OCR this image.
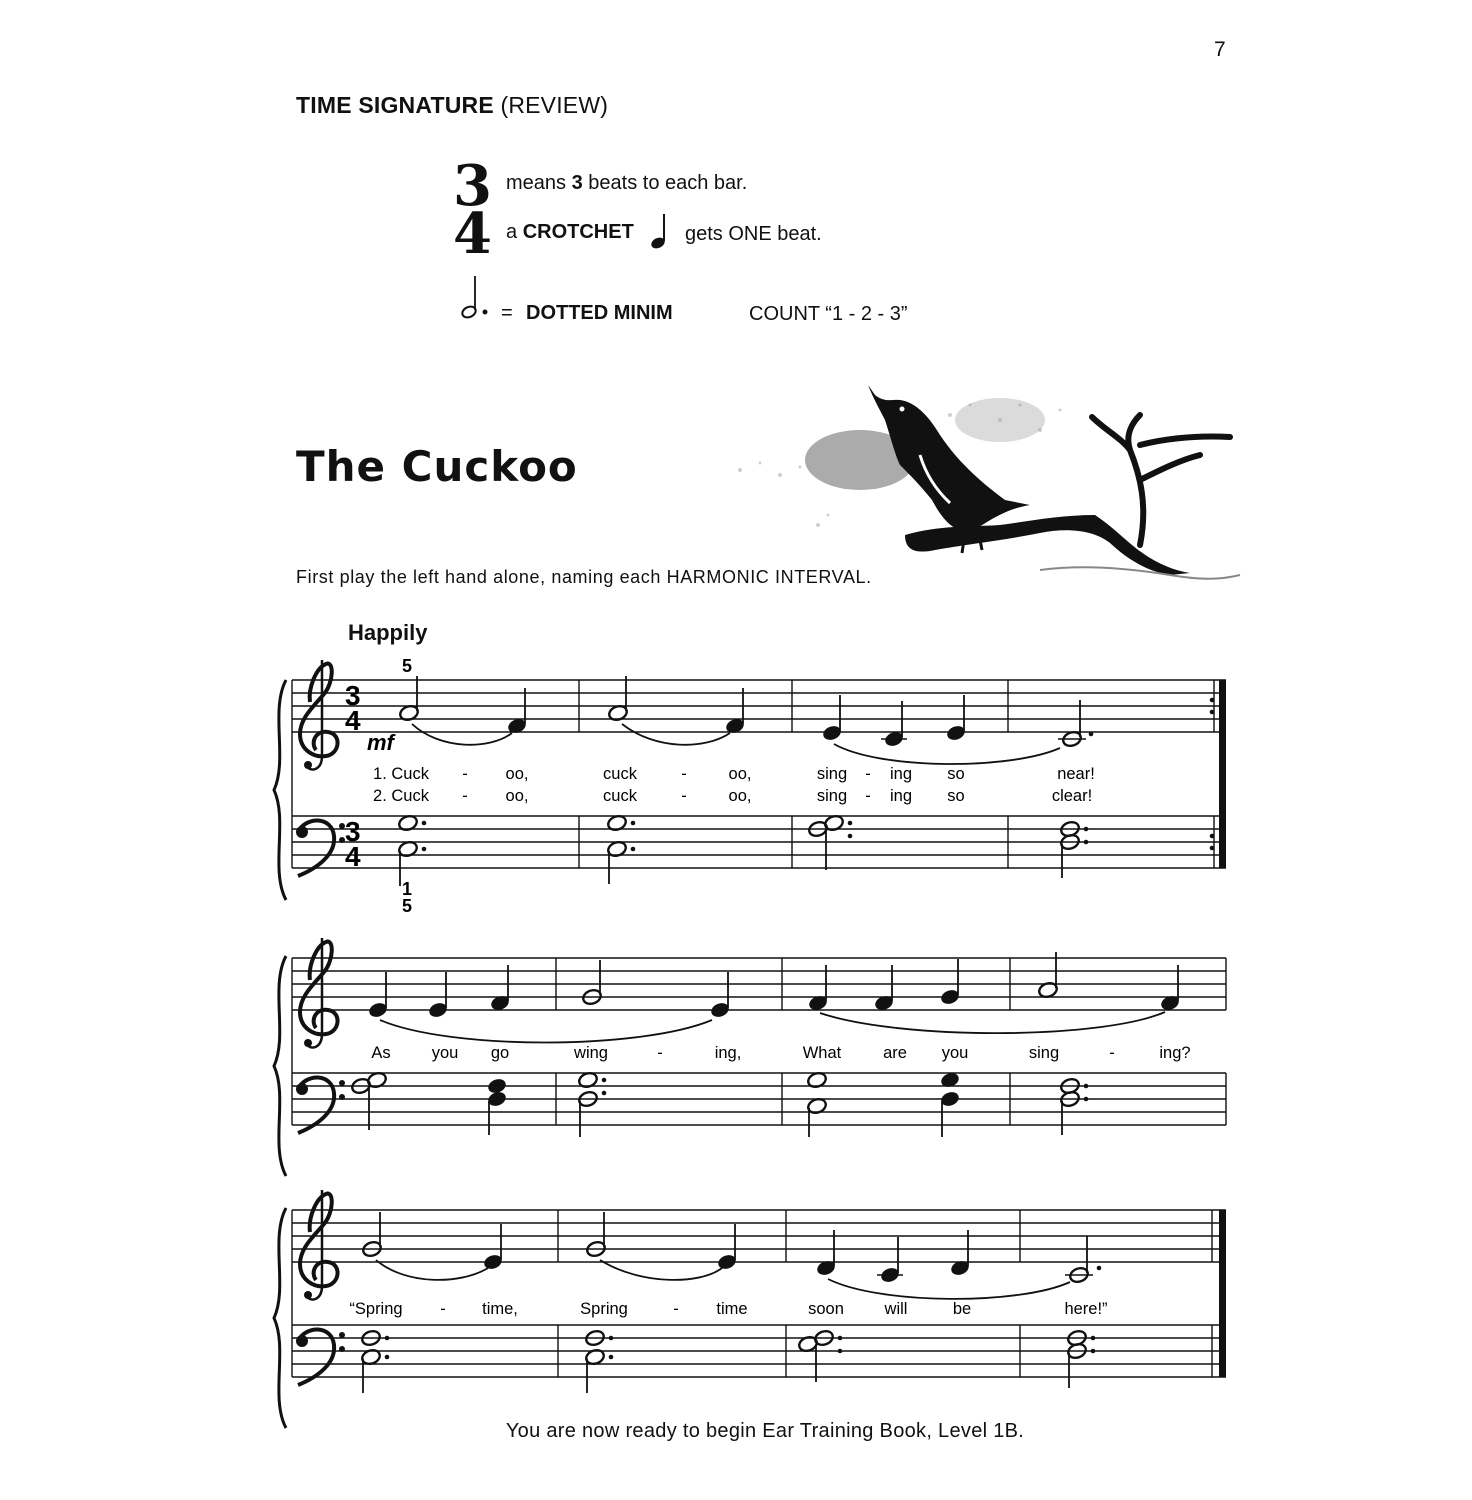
7
TIME SIGNATURE (REVIEW)
3
4
means 3 beats to each bar.
a CROTCHET	gets ONE beat.
= DOTTED MINIM	COUNT “1 - 2 - 3”
The Cuckoo
First play the left hand alone, naming each HARMONIC INTERVAL.
Happily
3
4
3
4
5
mf
1
5
1. Cuck - oo,	cuck	-	oo,	sing - ing so	near!
2. Cuck - oo,	cuck	-	oo,	sing - ing so	clear!
As you go	wing	-	ing,	What	are you	sing	-	ing?
“Spring - time,	Spring	- time	soon will	be	here!”
You are now ready to begin Ear Training Book, Level 1B.
